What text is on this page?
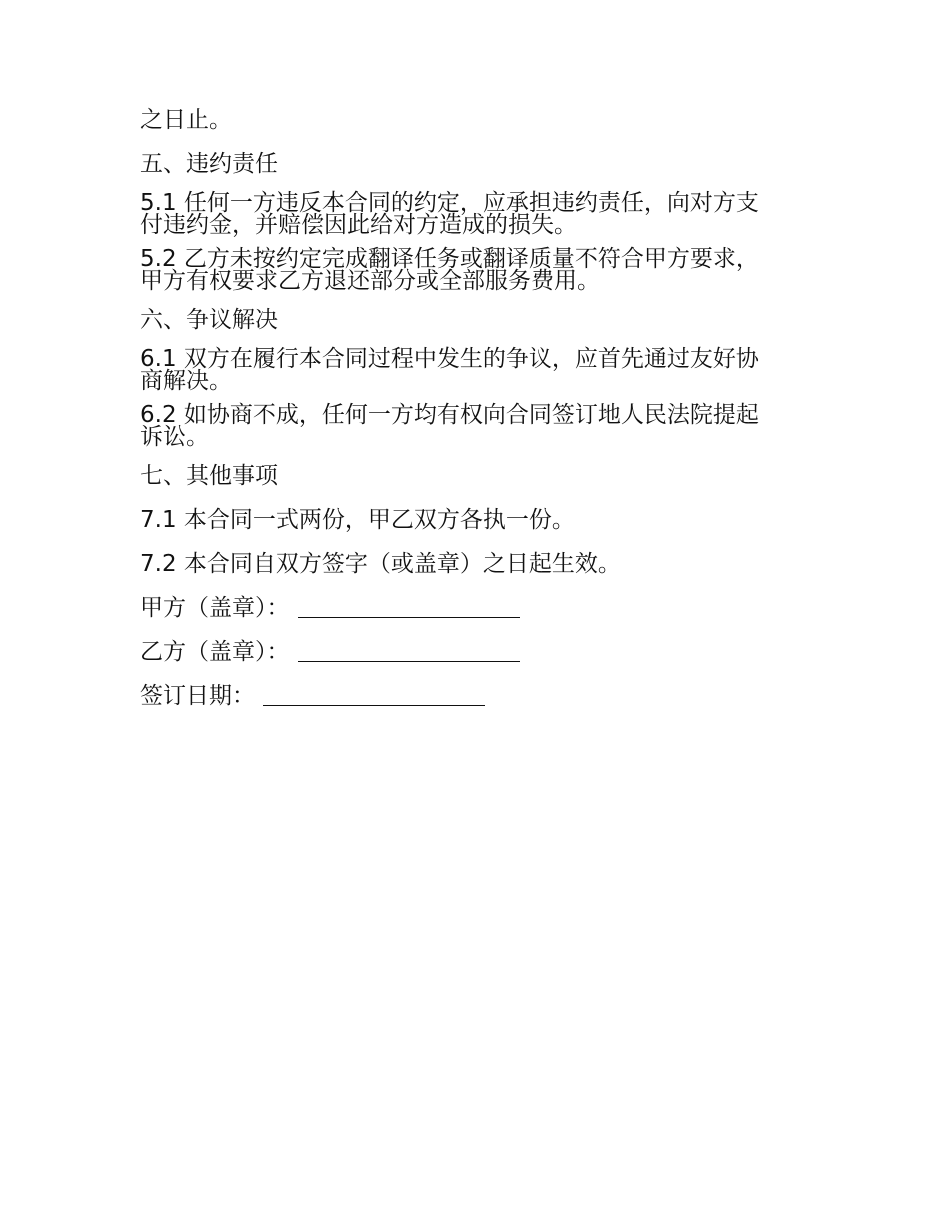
之日止。

五、违约责任

5.1 任何一方违反本合同的约定，应承担违约责任，向对方支
付违约金，并赔偿因此给对方造成的损失。
5.2 乙方未按约定完成翻译任务或翻译质量不符合甲方要求，
甲方有权要求乙方退还部分或全部服务费用。

六、争议解决

6.1 双方在履行本合同过程中发生的争议，应首先通过友好协
商解决。
6.2 如协商不成，任何一方均有权向合同签订地人民法院提起
诉讼。

七、其他事项

7.1 本合同一式两份，甲乙双方各执一份。

7.2 本合同自双方签字（或盖章）之日起生效。

甲方（盖章）：
乙方（盖章）：
签订日期：
